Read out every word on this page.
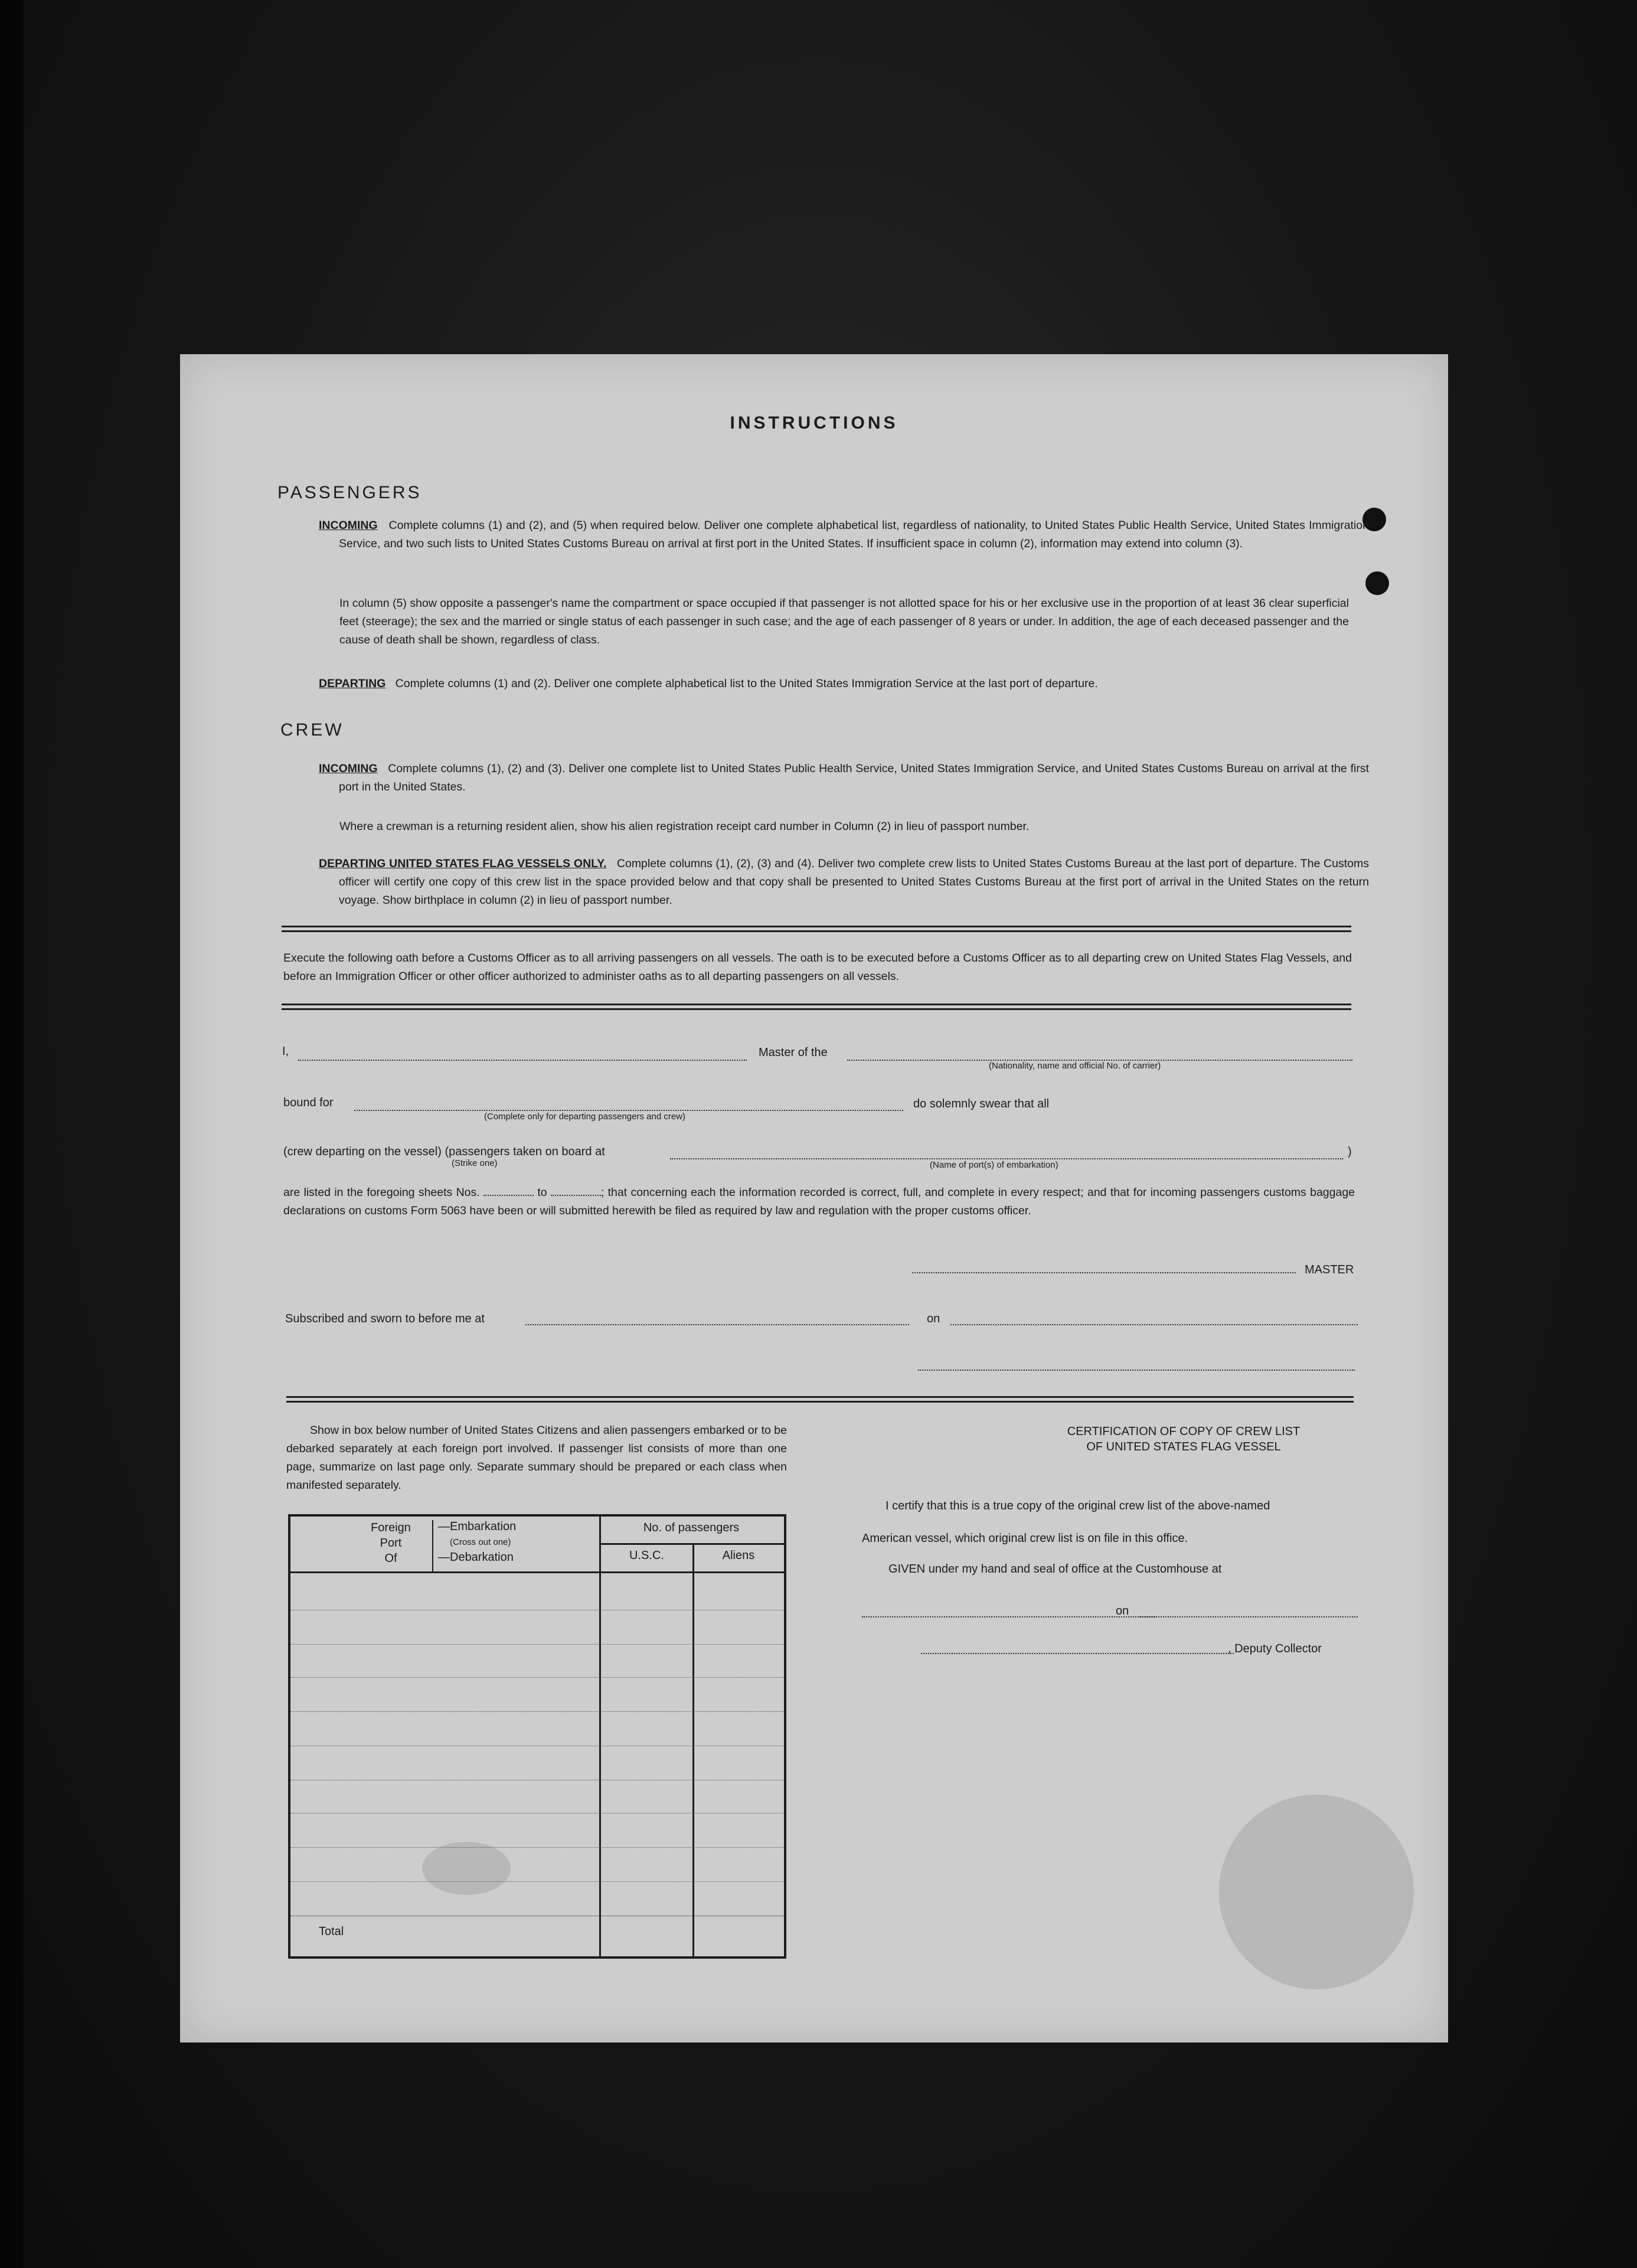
INSTRUCTIONS
PASSENGERS
INCOMING Complete columns (1) and (2), and (5) when required below. Deliver one complete alphabetical list, regardless of nationality, to United States Public Health Service, United States Immigration Service, and two such lists to United States Customs Bureau on arrival at first port in the United States. If insufficient space in column (2), information may extend into column (3).
In column (5) show opposite a passenger's name the compartment or space occupied if that passenger is not allotted space for his or her exclusive use in the proportion of at least 36 clear superficial feet (steerage); the sex and the married or single status of each passenger in such case; and the age of each passenger of 8 years or under. In addition, the age of each deceased passenger and the cause of death shall be shown, regardless of class.
DEPARTING Complete columns (1) and (2). Deliver one complete alphabetical list to the United States Immigration Service at the last port of departure.
CREW
INCOMING Complete columns (1), (2) and (3). Deliver one complete list to United States Public Health Service, United States Immigration Service, and United States Customs Bureau on arrival at the first port in the United States.
Where a crewman is a returning resident alien, show his alien registration receipt card number in Column (2) in lieu of passport number.
DEPARTING UNITED STATES FLAG VESSELS ONLY. Complete columns (1), (2), (3) and (4). Deliver two complete crew lists to United States Customs Bureau at the last port of departure. The Customs officer will certify one copy of this crew list in the space provided below and that copy shall be presented to United States Customs Bureau at the first port of arrival in the United States on the return voyage. Show birthplace in column (2) in lieu of passport number.
Execute the following oath before a Customs Officer as to all arriving passengers on all vessels. The oath is to be executed before a Customs Officer as to all departing crew on United States Flag Vessels, and before an Immigration Officer or other officer authorized to administer oaths as to all departing passengers on all vessels.
I,	Master of the
(Nationality, name and official No. of carrier)
bound for
(Complete only for departing passengers and crew)
do solemnly swear that all
(crew departing on the vessel) (passengers taken on board at
(Strike one)	(Name of port(s) of embarkation)
)
are listed in the foregoing sheets Nos.	to	; that concerning each the information recorded is correct, full, and complete in every respect; and that for incoming passengers customs baggage declarations on customs Form 5063 have been or will submitted herewith be filed as required by law and regulation with the proper customs officer.
MASTER
Subscribed and sworn to before me at	on
Show in box below number of United States Citizens and alien passengers embarked or to be debarked separately at each foreign port involved. If passenger list consists of more than one page, summarize on last page only. Separate summary should be prepared or each class when manifested separately.
Foreign
Port
Of
—Embarkation
(Cross out one)
—Debarkation
No. of passengers
U.S.C.	Aliens
Total
CERTIFICATION OF COPY OF CREW LIST
OF UNITED STATES FLAG VESSEL
I certify that this is a true copy of the original crew list of the above-named
American vessel, which original crew list is on file in this office.
GIVEN under my hand and seal of office at the Customhouse at
on
, Deputy Collector
